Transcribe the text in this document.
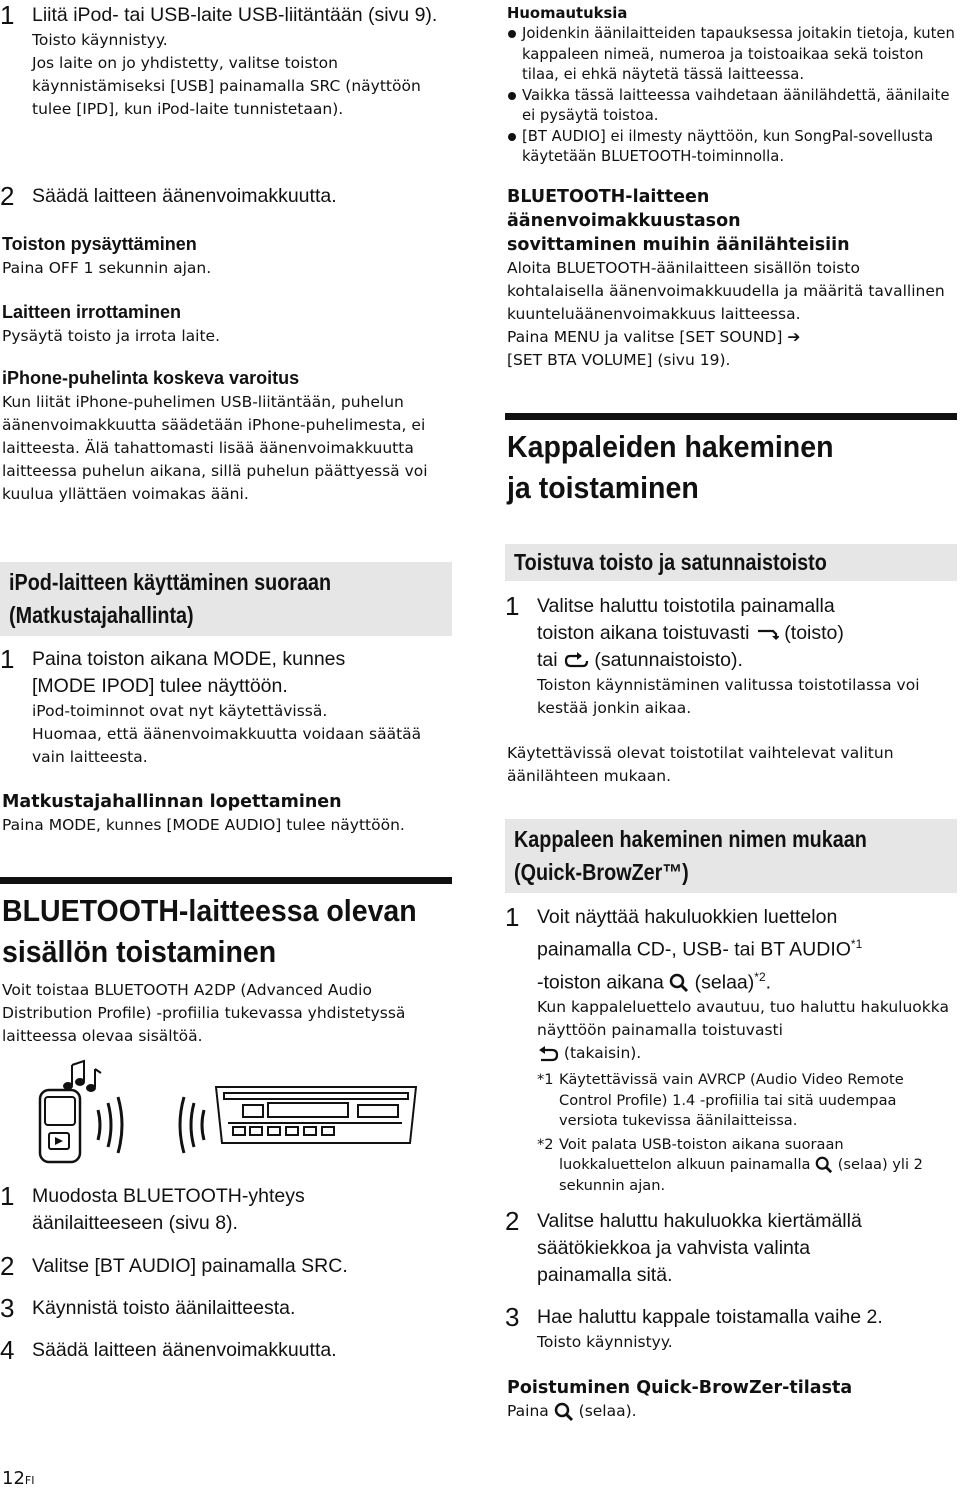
1 Liitä iPod- tai USB-laite USB-liitäntään (sivu 9).
Toisto käynnistyy.
Jos laite on jo yhdistetty, valitse toiston käynnistämiseksi [USB] painamalla SRC (näyttöön tulee [IPD], kun iPod-laite tunnistetaan).
2 Säädä laitteen äänenvoimakkuutta.
Toiston pysäyttäminen
Paina OFF 1 sekunnin ajan.
Laitteen irrottaminen
Pysäytä toisto ja irrota laite.
iPhone-puhelinta koskeva varoitus
Kun liität iPhone-puhelimen USB-liitäntään, puhelun äänenvoimakkuutta säädetään iPhone-puhelimesta, ei laitteesta. Älä tahattomasti lisää äänenvoimakkuutta laitteessa puhelun aikana, sillä puhelun päättyessä voi kuulua yllättäen voimakas ääni.
iPod-laitteen käyttäminen suoraan
(Matkustajahallinta)
1 Paina toiston aikana MODE, kunnes
[MODE IPOD] tulee näyttöön.
iPod-toiminnot ovat nyt käytettävissä.
Huomaa, että äänenvoimakkuutta voidaan säätää vain laitteesta.
Matkustajahallinnan lopettaminen
Paina MODE, kunnes [MODE AUDIO] tulee näyttöön.
BLUETOOTH-laitteessa olevan
sisällön toistaminen
Voit toistaa BLUETOOTH A2DP (Advanced Audio Distribution Profile) -profiilia tukevassa yhdistetyssä laitteessa olevaa sisältöä.
1 Muodosta BLUETOOTH-yhteys
äänilaitteeseen (sivu 8).
2 Valitse [BT AUDIO] painamalla SRC.
3 Käynnistä toisto äänilaitteesta.
4 Säädä laitteen äänenvoimakkuutta.
12FI
Huomautuksia
Joidenkin äänilaitteiden tapauksessa joitakin tietoja, kuten kappaleen nimeä, numeroa ja toistoaikaa sekä toiston tilaa, ei ehkä näytetä tässä laitteessa.
Vaikka tässä laitteessa vaihdetaan äänilähdettä, äänilaite ei pysäytä toistoa.
[BT AUDIO] ei ilmesty näyttöön, kun SongPal-sovellusta käytetään BLUETOOTH-toiminnolla.
BLUETOOTH-laitteen
äänenvoimakkuustason
sovittaminen muihin äänilähteisiin
Aloita BLUETOOTH-äänilaitteen sisällön toisto kohtalaisella äänenvoimakkuudella ja määritä tavallinen kuunteluäänenvoimakkuus laitteessa.
Paina MENU ja valitse [SET SOUND] ➔
[SET BTA VOLUME] (sivu 19).
Kappaleiden hakeminen
ja toistaminen
Toistuva toisto ja satunnaistoisto
1 Valitse haluttu toistotila painamalla
toiston aikana toistuvasti  (toisto)
tai  (satunnaistoisto).
Toiston käynnistäminen valitussa toistotilassa voi kestää jonkin aikaa.
Käytettävissä olevat toistotilat vaihtelevat valitun äänilähteen mukaan.
Kappaleen hakeminen nimen mukaan
(Quick-BrowZer™)
1 Voit näyttää hakuluokkien luettelon
painamalla CD-, USB- tai BT AUDIO$^{*1}$
-toiston aikana  (selaa)$^{*2}$.
Kun kappaleluettelo avautuu, tuo haluttu hakuluokka näyttöön painamalla toistuvasti
(takaisin).
*1 Käytettävissä vain AVRCP (Audio Video Remote Control Profile) 1.4 -profiilia tai sitä uudempaa versiota tukevissa äänilaitteissa.
*2 Voit palata USB-toiston aikana suoraan luokkaluettelon alkuun painamalla  (selaa) yli 2 sekunnin ajan.
2 Valitse haluttu hakuluokka kiertämällä
säätökiekkoa ja vahvista valinta
painamalla sitä.
3 Hae haluttu kappale toistamalla vaihe 2.
Toisto käynnistyy.
Poistuminen Quick-BrowZer-tilasta
Paina  (selaa).
